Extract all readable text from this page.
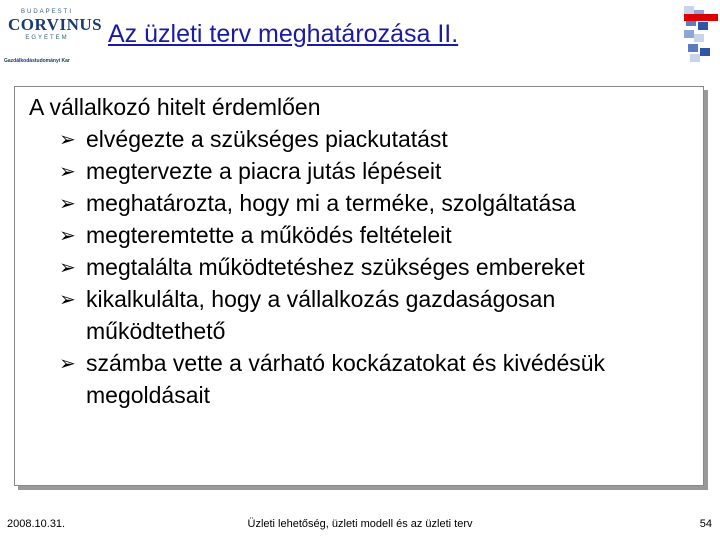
BUDAPESTI
CORVINUS
EGYETEM
Gazdálkodástudományi Kar
Az üzleti terv meghatározása II.

A vállalkozó hitelt érdemlően

➢ elvégezte a szükséges piackutatást
➢ megtervezte a piacra jutás lépéseit
➢ meghatározta, hogy mi a terméke, szolgáltatása
➢ megteremtette a működés feltételeit
➢ megtalálta működtetéshez szükséges embereket
➢ kikalkulálta, hogy a vállalkozás gazdaságosan működtethető
➢ számba vette a várható kockázatokat és kivédésük megoldásait
Üzleti lehetőség, üzleti modell és az üzleti terv
2008.10.31.	54
